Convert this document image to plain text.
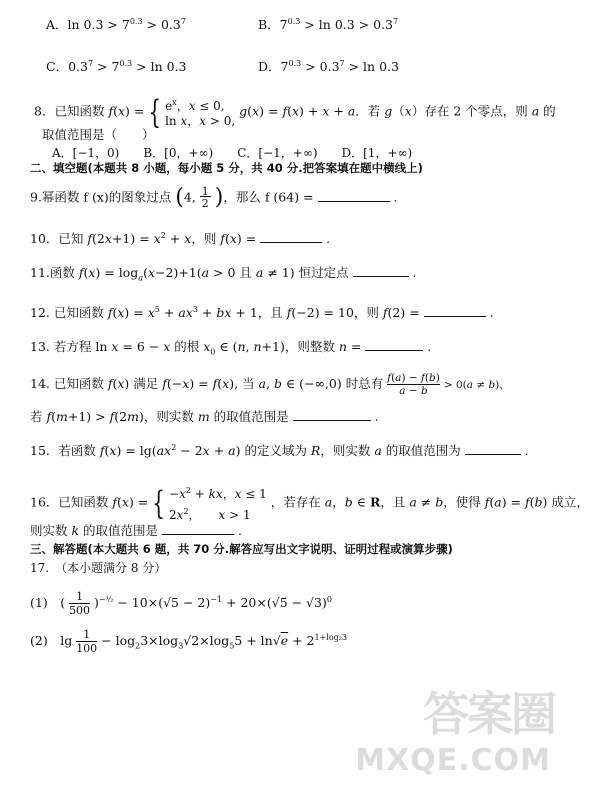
A．$\ln 0.3 > 7^{0.3} > 0.3^7$	B．$7^{0.3} > \ln 0.3 > 0.3^7$
C．$0.3^7 > 7^{0.3} > \ln 0.3$	D．$7^{0.3} > 0.3^7 > \ln 0.3$
8．已知函数 f(x) = { $e^x$，x ≤ 0,
ln x，x > 0, g(x) = f(x) + x + a．若 g（x）存在 2 个零点，则 a 的
取值范围是（　　）
A．[−1，0)　　B．[0，+∞)　　C．[−1，+∞)　　D．[1，+∞)
二、填空题(本题共 8 小题，每小题 5 分，共 40 分.把答案填在题中横线上)
9.幂函数 f (x)的图象过点 (4, 1
2 )，那么 f (64) =	.
10．已知 $f(2x+1) = x^2 + x$，则 f(x) =	.
11.函数 $f(x) = \log_a(x-2)+1(a > 0$ 且 a ≠ 1) 恒过定点	.
12. 已知函数 $f(x) = x^5 + ax^3$ + bx + 1，且 f(−2) = 10，则 f(2) =	.
13. 若方程 ln x = 6 − x 的根 $x_0$ ∈ (n, n+1)，则整数 n =	.
14. 已知函数 f(x) 满足 f(−x) = f(x), 当 a, b ∈ (−∞,0) 时总有 f(a) − f(b)

a − b	> 0(a ≠ b)，
若 f(m+1) > f(2m)，则实数 m 的取值范围是	.
15．若函数 $f(x) = \lg(ax^2 - 2x + a)$ 的定义域为 R，则实数 a 的取值范围为	.
16．已知函数 f(x) = { $-x^2$ + kx，x ≤ 1
$2x^2$，　　x > 1 ，若存在 a，b ∈ R，且 a ≠ b，使得 f(a) = f(b) 成立，
则实数 k 的取值范围是	.
三、解答题(本大题共 6 题，共 70 分.解答应写出文字说明、证明过程或演算步骤)
17.　（本小题满分 8 分）
(1)　( 1

500
)$^{-\frac{1}{2}} - 10\times(√5 - 2)^{-1} + 20\times(√5 - √3)^0$
(2)　lg 1

100
− $\log_23\times\log_3√2\times\log_55 + \ln√e + 2^{1+log_23}$
答案圈
MXQE.COM
